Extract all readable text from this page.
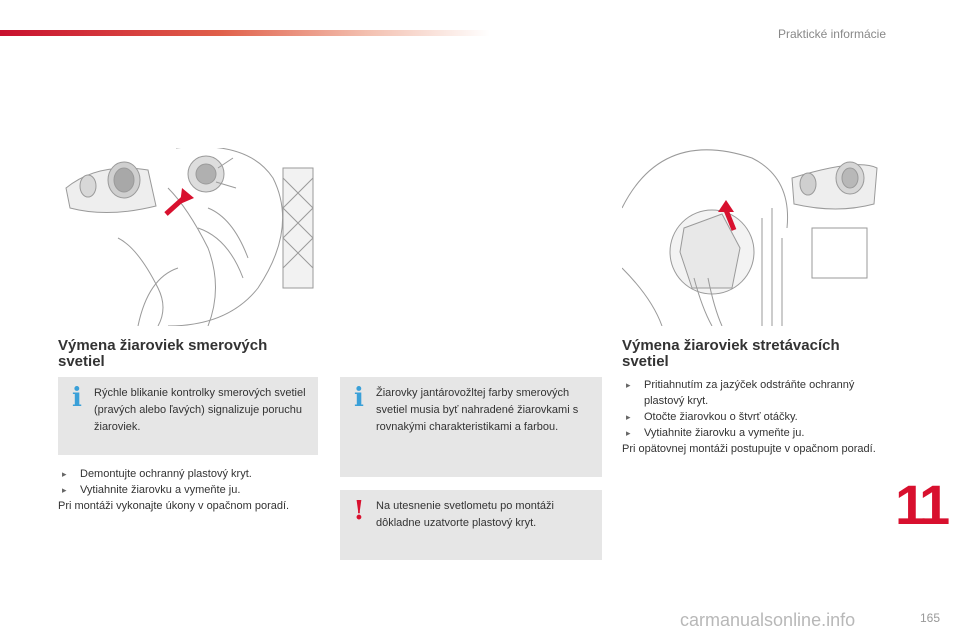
Praktické informácie
Výmena žiaroviek smerových svetiel
i	Rýchle blikanie kontrolky smerových svetiel (pravých alebo ľavých) signalizuje poruchu žiaroviek.
▸ Demontujte ochranný plastový kryt.
▸ Vytiahnite žiarovku a vymeňte ju.
Pri montáži vykonajte úkony v opačnom poradí.
i	Žiarovky jantárovožltej farby smerových svetiel musia byť nahradené žiarovkami s rovnakými charakteristikami a farbou.
! Na utesnenie svetlometu po montáži dôkladne uzatvorte plastový kryt.
Výmena žiaroviek stretávacích svetiel
▸ Pritiahnutím za jazýček odstráňte ochranný plastový kryt.
▸ Otočte žiarovkou o štvrť otáčky.
▸ Vytiahnite žiarovku a vymeňte ju.
Pri opätovnej montáži postupujte v opačnom poradí.
11
carmanualsonline.info	165
